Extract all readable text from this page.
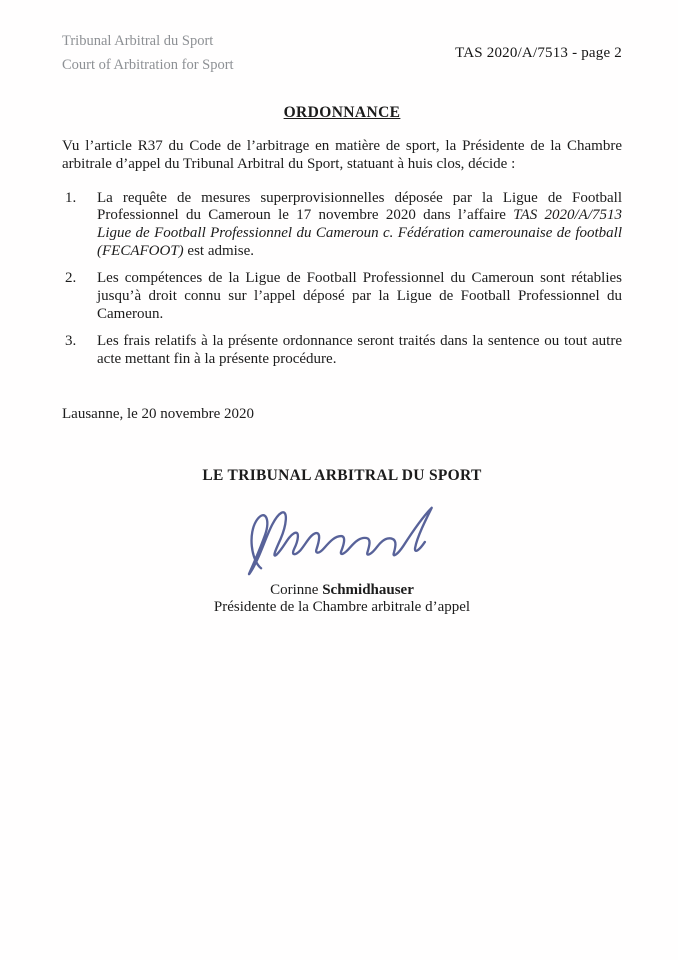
Tribunal Arbitral du Sport
Court of Arbitration for Sport
TAS 2020/A/7513 - page 2
ORDONNANCE

Vu l’article R37 du Code de l’arbitrage en matière de sport, la Présidente de la Chambre arbitrale d’appel du Tribunal Arbitral du Sport, statuant à huis clos, décide :

1.	La requête de mesures superprovisionnelles déposée par la Ligue de Football Professionnel du Cameroun le 17 novembre 2020 dans l’affaire TAS 2020/A/7513 Ligue de Football Professionnel du Cameroun c. Fédération camerounaise de football (FECAFOOT) est admise.
2.	Les compétences de la Ligue de Football Professionnel du Cameroun sont rétablies jusqu’à droit connu sur l’appel déposé par la Ligue de Football Professionnel du Cameroun.
3.	Les frais relatifs à la présente ordonnance seront traités dans la sentence ou tout autre acte mettant fin à la présente procédure.

Lausanne, le 20 novembre 2020

LE TRIBUNAL ARBITRAL DU SPORT
Corinne Schmidhauser
Présidente de la Chambre arbitrale d’appel
